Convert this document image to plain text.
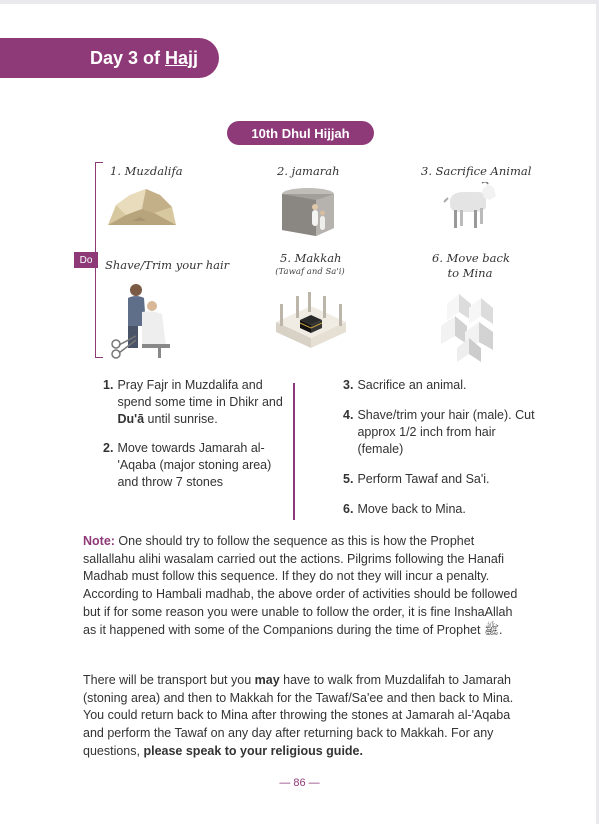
Day 3 of Hajj
10th Dhul Hijjah
Do
1. Muzdalifa	2. jamarah	3. Sacrifice Animal
Shave/Trim your hair	5. Makkah
(Tawaf and Sa'i)
6. Move back
to Mina
1. Pray Fajr in Muzdalifa and spend some time in Dhikr and Du'ā until sunrise.
2. Move towards Jamarah al-'Aqaba (major stoning area) and throw 7 stones
3. Sacrifice an animal.
4. Shave/trim your hair (male). Cut approx 1/2 inch from hair (female)
5. Perform Tawaf and Sa'i.
6. Move back to Mina.
Note: One should try to follow the sequence as this is how the Prophet sallallahu alihi wasalam carried out the actions. Pilgrims following the Hanafi Madhab must follow this sequence. If they do not they will incur a penalty. According to Hambali madhab, the above order of activities should be followed but if for some reason you were unable to follow the order, it is fine InshaAllah as it happened with some of the Companions during the time of Prophet ﷺ.
There will be transport but you may have to walk from Muzdalifah to Jamarah (stoning area) and then to Makkah for the Tawaf/Sa'ee and then back to Mina. You could return back to Mina after throwing the stones at Jamarah al-'Aqaba and perform the Tawaf on any day after returning back to Makkah. For any questions, please speak to your religious guide.
— 86 —
